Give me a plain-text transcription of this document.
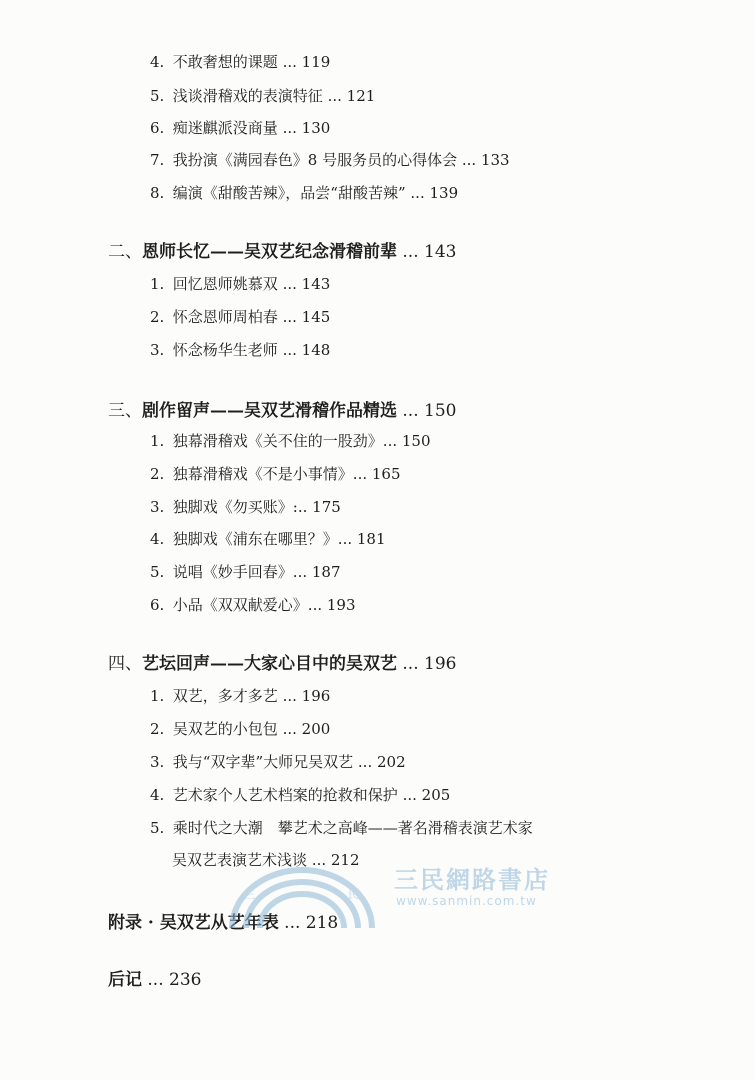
4. 不敢奢想的课题 ... 119
5. 浅谈滑稽戏的表演特征 ... 121
6. 痴迷麒派没商量 ... 130
7. 我扮演《满园春色》8 号服务员的心得体会 ... 133
8. 编演《甜酸苦辣》，品尝“甜酸苦辣” ... 139
二、恩师长忆——吴双艺纪念滑稽前辈 ... 143
1. 回忆恩师姚慕双 ... 143
2. 怀念恩师周柏春 ... 145
3. 怀念杨华生老师 ... 148
三、剧作留声——吴双艺滑稽作品精选 ... 150
1. 独幕滑稽戏《关不住的一股劲》... 150
2. 独幕滑稽戏《不是小事情》... 165
3. 独脚戏《勿买账》:.. 175
4. 独脚戏《浦东在哪里？》... 181
5. 说唱《妙手回春》... 187
6. 小品《双双献爱心》... 193
四、艺坛回声——大家心目中的吴双艺 ... 196
1. 双艺，多才多艺 ... 196
2. 吴双艺的小包包 ... 200
3. 我与“双字辈”大师兄吴双艺 ... 202
4. 艺术家个人艺术档案的抢救和保护 ... 205
5. 乘时代之大潮　攀艺术之高峰——著名滑稽表演艺术家
吴双艺表演艺术浅谈 ... 212
附录 · 吴双艺从艺年表 ... 218
后记 ... 236
三	民
三民網路書店
www.sanmin.com.tw
